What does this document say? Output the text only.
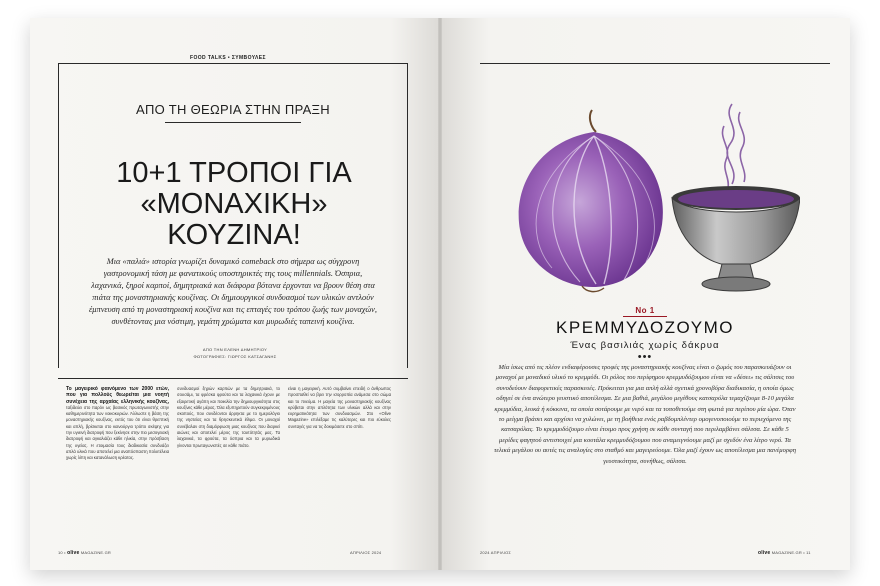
FOOD TALKS • ΣΥΜΒΟΥΛΕΣ
ΑΠΟ ΤΗ ΘΕΩΡΙΑ ΣΤΗΝ ΠΡΑΞΗ
10+1 ΤΡΟΠΟΙ ΓΙΑ «ΜΟΝΑΧΙΚΗ» ΚΟΥΖΙΝΑ!
Μια «παλιά» ιστορία γνωρίζει δυναμικό comeback στο σήμερα ως σύγχρονη γαστρονομική τάση με φανατικούς υποστηρικτές της τους millennials. Όσπρια, λαχανικά, ξηροί καρποί, δημητριακά και διάφορα βότανα έρχονται να βρουν θέση στα πιάτα της μοναστηριακής κουζίνας. Οι δημιουργικοί συνδυασμοί των υλικών αντλούν έμπνευση από τη μοναστηριακή κουζίνα και τις επταγές του τρόπου ζωής των μοναχών, συνθέτοντας μια νόστιμη, γεμάτη χρώματα και μυρωδιές ταπεινή κουζίνα.
ΑΠΟ ΤΗΝ ΕΛΕΝΗ ΔΗΜΗΤΡΙΟΥ
ΦΩΤΟΓΡΑΦΙΕΣ: ΓΙΩΡΓΟΣ ΚΑΤΣΑΓΑΝΗΣ

Το μαγειρικό φαινόμενο των 2000 ετών, που για πολλούς θεωρείται μια νοητή συνέχεια της αρχαίας ελληνικής κουζίνας, ταξιδεύει στο παρόν ως βασικός πρωταγωνιστής στην καθημερινότητα των νοικοκυριών. Άλλωστε η βάση της μοναστηριακής κουζίνας, εκτός του ότι είναι θρεπτική και απλή, βρίσκεται στο καινούργιο τρόπο σκέψης για την υγιεινή διατροφή που ξεκίνησε στην πιο μεσογειακή διατροφή και αγκαλιάζει κάθε ηλικία, στην πρόσβαση της υγείας. Η ετοιμασία τους διαδικασία συνδυάζει απλά υλικά που αποτελεί μια αναπόσπαστη πολυτέλεια χωρίς λίπη και κατανάλωση κρέατος.

συνδυασμοί ξηρών καρπών με τα δημητριακά, το σουσάμι, τα φρέσκα φρούτα και τα λαχανικά έχουν με εξαιρετική αγάπη και ποικιλία την δημιουργικότητα στις κουζίνες κάθε μέρας. Όλα εξυπηρετούν συγκεκριμένους σκοπούς, που συνδέονται άρρηκτα με το ημερολόγιο της νηστείας και τα θρησκευτικά έθιμα. Οι μοναχοί συνέβαλαν στη διαμόρφωση μιας κουζίνας που διαρκεί αιώνες και αποτελεί μέρος της ταυτότητάς μας. Τα λαχανικά, τα φρούτα, τα όσπρια και τα μυρωδικά γίνονται πρωταγωνιστές σε κάθε πιάτο.

είναι η μαγειρική. Αυτό συμβαίνει επειδή ο άνθρωπος προσπαθεί να βρει την ισορροπία ανάμεσα στο σώμα και το πνεύμα. Η μαγεία της μοναστηριακής κουζίνας κρύβεται στην απλότητα των υλικών αλλά και στην ευρηματικότητα των συνδυασμών. Στο «Olive Magazine» επιλέξαμε τις καλύτερες και πιο εύκολες συνταγές για να τις δοκιμάσετε στο σπίτι.

10 • olive MAGAZINE.GR	ΑΠΡΙΛΙΟΣ 2024
No 1
ΚΡΕΜΜΥΔΟΖΟΥΜΟ
Ένας βασιλιάς χωρίς δάκρυα
•••
Μία ίσως από τις πλέον ενδιαφέρουσες τροφές της μοναστηριακής κουζίνας είναι ο ζωμός του παρασκευάζουν οι μοναχοί με μοναδικό υλικό το κρεμμύδι. Οι ρόλος του περίφημου κρεμμυδόζουμου είναι να «δέσει» τις σάλτσες του συνοδεύουν διαφορετικές παρασκευές. Πρόκειται για μια απλή αλλά σχετικά χρονοβόρα διαδικασία, η οποία όμως οδηγεί σε ένα ανώτερο γευστικό αποτέλεσμα. Σε μια βαθιά, μεγάλου μεγέθους κατσαρόλα τεμαχίζουμε 8-10 μεγάλα κρεμμύδια, λευκά ή κόκκινα, τα οποία σοτάρουμε με νερό και τα τοποθετούμε στη φωτιά για περίπου μία ώρα. Όταν το μείγμα βράσει και αρχίσει να χυλώνει, με τη βοήθεια ενός ραβδομπλέντερ ομογενοποιούμε το περιεχόμενο της κατσαρόλας. Το κρεμμυδόζουμο είναι έτοιμο προς χρήση σε κάθε συνταγή που περιλαμβάνει σάλτσα. Σε κάθε 5 μερίδες φαγητού αντιστοιχεί μια κουτάλα κρεμμυδόζουμου που αναμειγνύουμε μαζί με σχεδόν ένα λίτρο νερό. Τα τελικά μεγάλου ου αυτές τις αναλογίες στο σταθμό και μαγειρεύουμε. Όλα μαζί έχουν ως αποτέλεσμα μια πανέμορφη γευστικότητα, συνήθως, σάλτσα.
2024 ΑΠΡΙΛΙΟΣ	olive MAGAZINE.GR • 11
